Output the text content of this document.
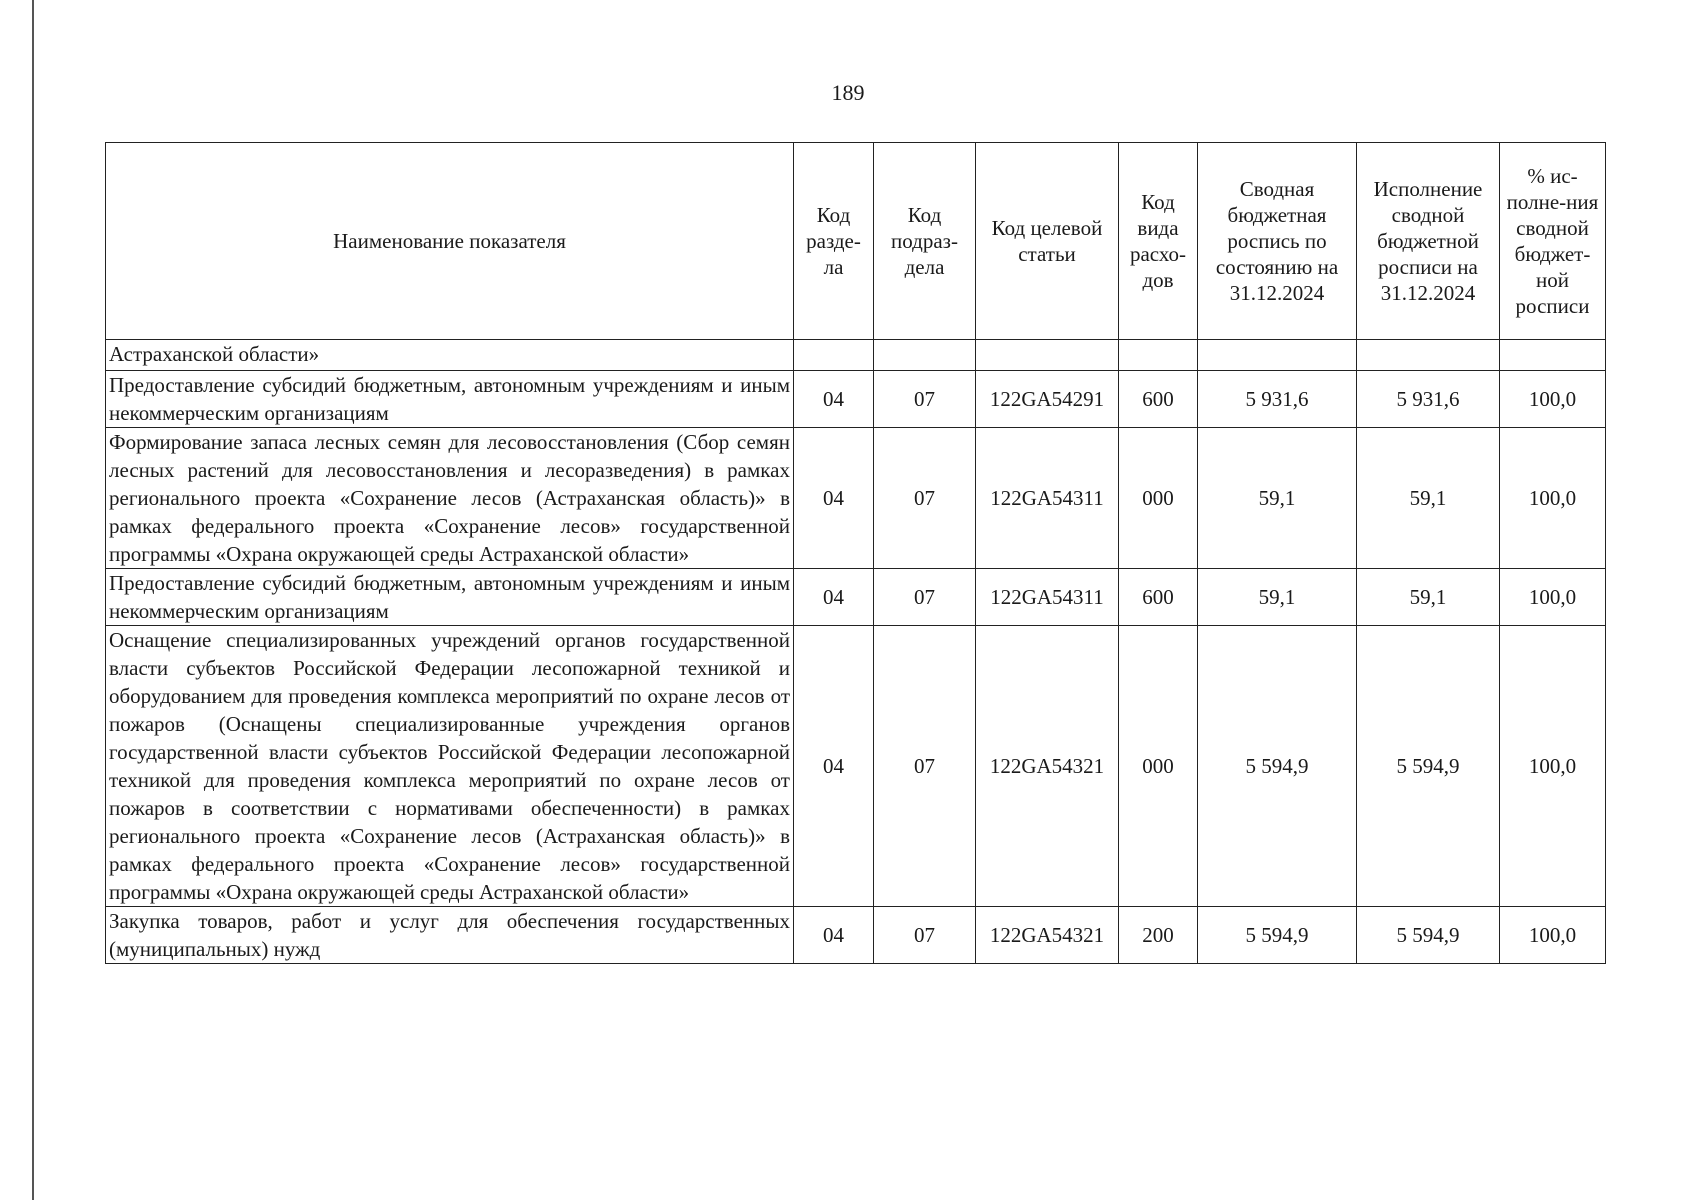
189
Наименование показателя	Код разде-ла	Код подраз-дела	Код целевой статьи	Код вида расхо-дов	Сводная бюджетная роспись по состоянию на 31.12.2024	Исполнение сводной бюджетной росписи на 31.12.2024	% ис-полне-ния сводной бюджет-ной росписи
Астраханской области»							
Предоставление субсидий бюджетным, автономным учреждениям и иным некоммерческим организациям	04	07	122GA54291	600	5 931,6	5 931,6	100,0
Формирование запаса лесных семян для лесовосстановления (Сбор семян лесных растений для лесовосстановления и лесоразведения) в рамках регионального проекта «Сохранение лесов (Астраханская область)» в рамках федерального проекта «Сохранение лесов» государственной программы «Охрана окружающей среды Астраханской области»	04	07	122GA54311	000	59,1	59,1	100,0
Предоставление субсидий бюджетным, автономным учреждениям и иным некоммерческим организациям	04	07	122GA54311	600	59,1	59,1	100,0
Оснащение специализированных учреждений органов государственной власти субъектов Российской Федерации лесопожарной техникой и оборудованием для проведения комплекса мероприятий по охране лесов от пожаров (Оснащены специализированные учреждения органов государственной власти субъектов Российской Федерации лесопожарной техникой для проведения комплекса мероприятий по охране лесов от пожаров в соответствии с нормативами обеспеченности) в рамках регионального проекта «Сохранение лесов (Астраханская область)» в рамках федерального проекта «Сохранение лесов» государственной программы «Охрана окружающей среды Астраханской области»	04	07	122GA54321	000	5 594,9	5 594,9	100,0
Закупка товаров, работ и услуг для обеспечения государственных (муниципальных) нужд	04	07	122GA54321	200	5 594,9	5 594,9	100,0
